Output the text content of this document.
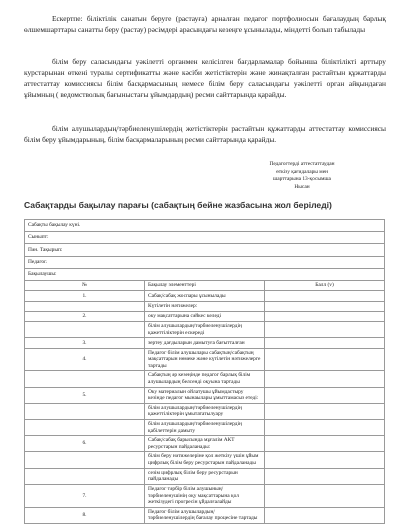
Ескертпе: біліктілік санатын беруге (растауға) арналған педагог портфолиосын бағалаудың барлық өлшемшарттары санатты беру (растау) рәсімдері арасындағы кезеңге ұсынылады, міндетті болып табылады

білім беру саласындағы уәкілетті органмен келісілген бағдарламалар бойынша біліктілікті арттыру курстарынан өткені туралы сертификатты және кәсіби жетістіктерін және жинақталған растайтын құжаттарды аттестаттау комиссиясы білім басқармасының немесе білім беру саласындағы уәкілетті орган айқындаған ұйымның ( ведомстволық бағыныстағы ұйымдардың) ресми сайттарында қарайды.

білім алушылардың/тәрбиеленушілердің жетістіктерін растайтын құжаттарды аттестаттау комиссиясы білім беру ұйымдарының, білім басқармаларының ресми сайттарында қарайды.

Педагогтерді аттестаттаудан
өткізу қағидалары мен
шарттарына 13-қосымша
Нысан
Сабақтарды бақылау парағы (сабақтың бейне жазбасына жол беріледі)
Сабақты бақылау күні.		
Сыныпт:		
Пән. Тақырып:		
Педагог.		
Бақылаушы:		
№	Бақылау элементтері	Балл (v)
1.	Сабақ/сабақ жоспары ұсынылады	
	Күтілетін нәтижелер:	
2.	оку мақсаттарына сәйкес келеді	
	білім алушылардың/тәрбиеленушілердің қажеттіліктерін ескереді	
3.	зертеу дағдыларын дамытуға бағытталған	
4.	Педагог білім алушылары сабақтың/сабақтың мақсаттарын нөмеке және күтілетін нәтижелерге тартады	
	Сабақтың әр кезеңінде педагог барлық білім алушылардың белсенді оқуына тартады	
5.	Оку материалын ойлатушы ұйымдастыру кезінде педагог мынаылары ұмыттамасыз етеді:	
	білім алушылардың/тәрбиеленушілердің қажеттіліктерін ұмытататылуару	
	білім алушылардың/тәрбиеленушілердің қабілеттерін дамыту	
6.	Сабақ/сабақ барысында мұғалім АКТ ресурстарын пайдаланады:	
	білім беру нәтижелеріне қол жеткізу үшін ұйым цифрлық білім беру ресурстарын пайдаланады	
	сезім цифрлық білім беру ресурстарын пайдаланады	
7.	Педагог тәрбір білім алушының/тәрбиеленушінің оқу мақсаттарына қол жеткізудегі прогресін ұйдалғалайды	
8.	Педагог білім алушылардың/тәрбиеленушілердің бағалау процесіне тартады	
